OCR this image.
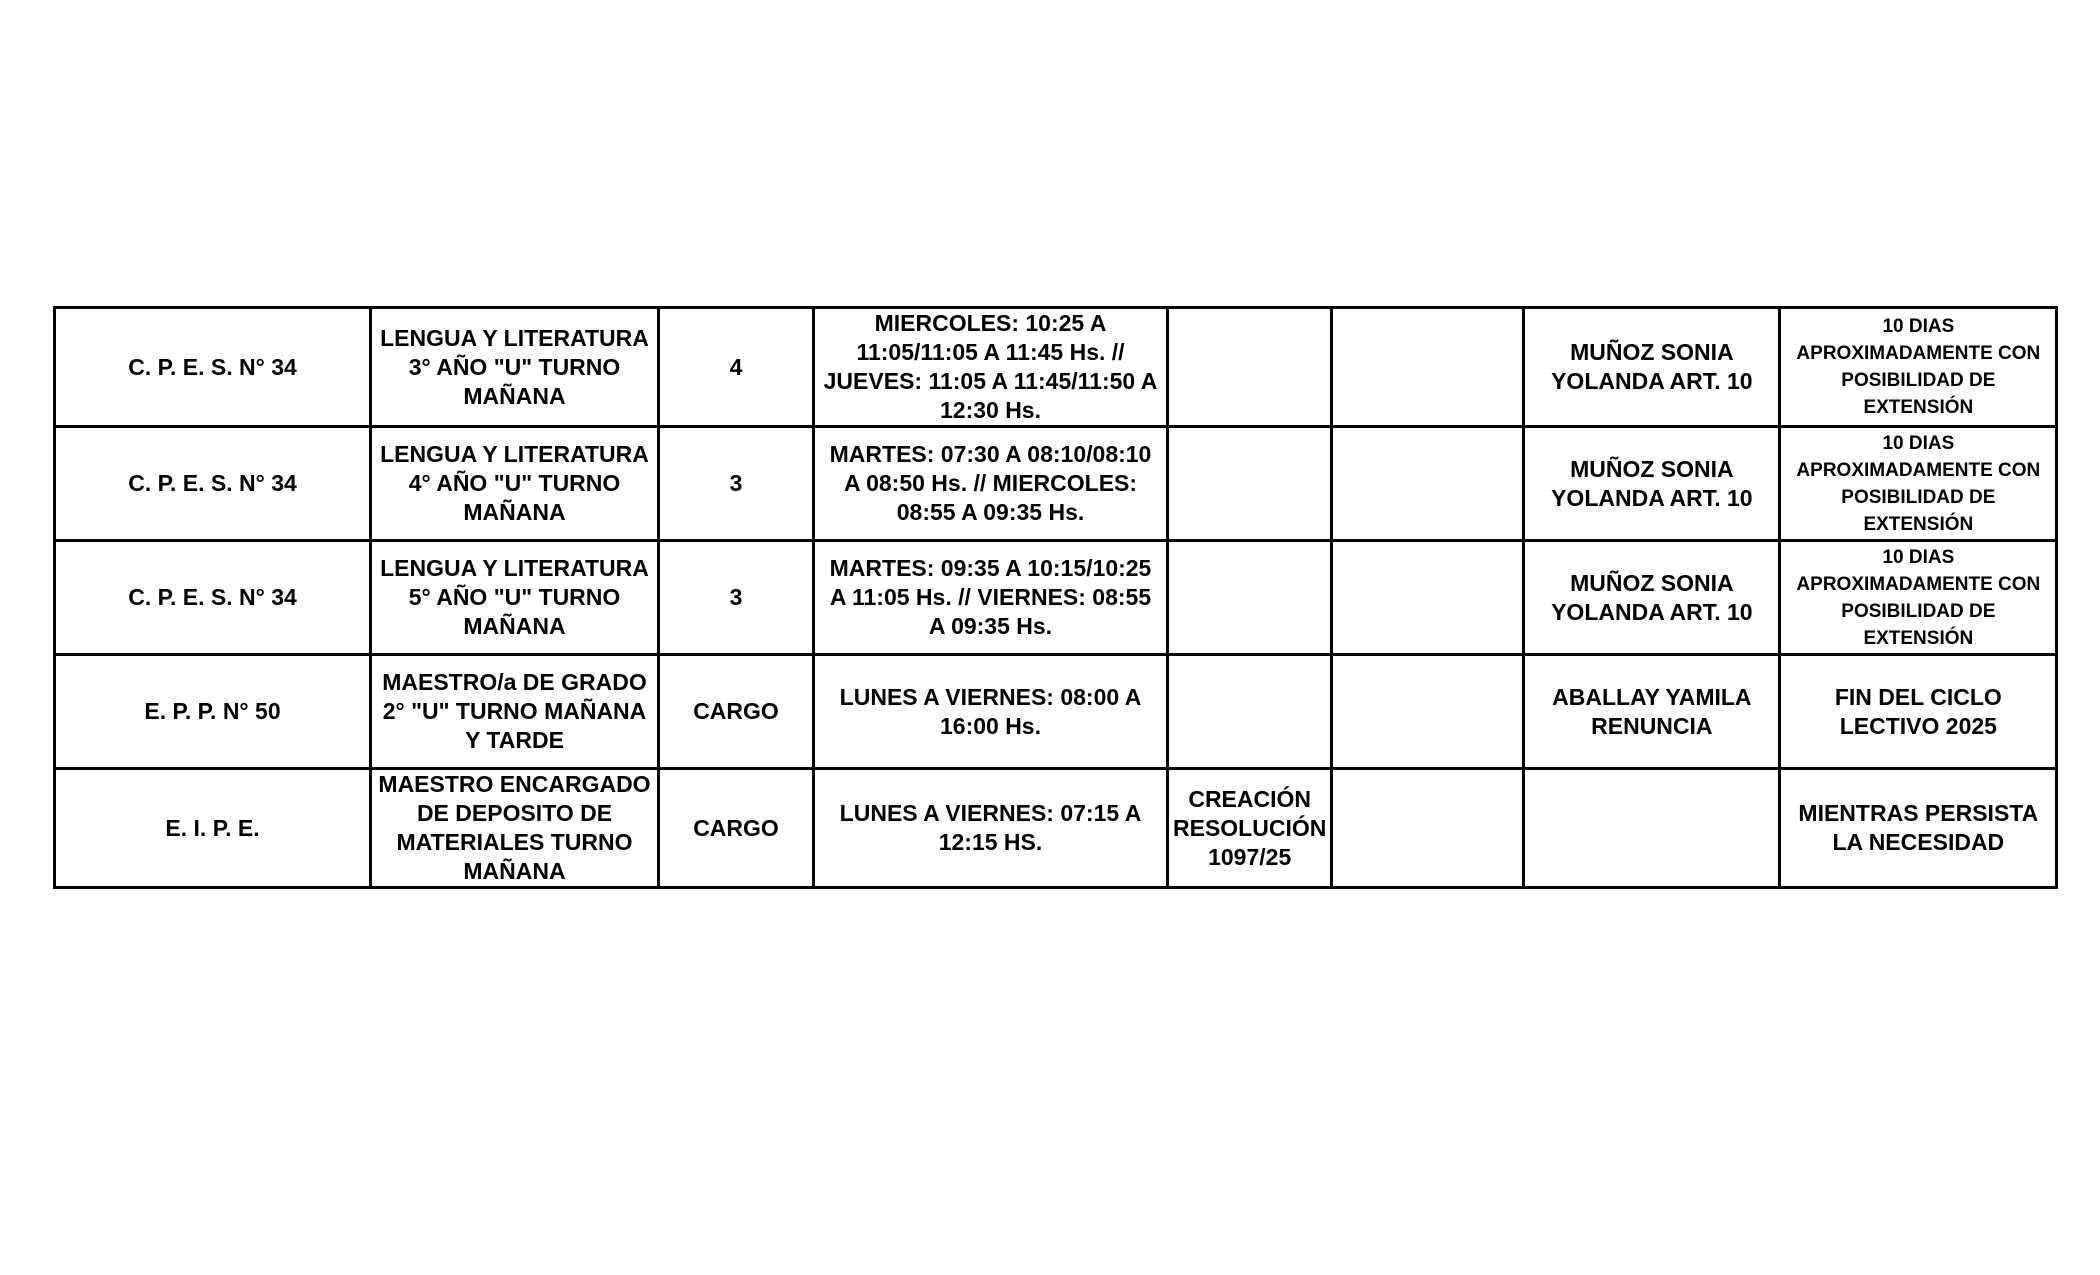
C. P. E. S. N° 34	LENGUA Y LITERATURA 3° AÑO "U" TURNO MAÑANA	4	MIERCOLES: 10:25 A 11:05/11:05 A 11:45 Hs. // JUEVES: 11:05 A 11:45/11:50 A 12:30 Hs.			MUÑOZ SONIA YOLANDA ART. 10	10 DIAS APROXIMADAMENTE CON POSIBILIDAD DE EXTENSIÓN
C. P. E. S. N° 34	LENGUA Y LITERATURA 4° AÑO "U" TURNO MAÑANA	3	MARTES: 07:30 A 08:10/08:10 A 08:50 Hs. // MIERCOLES: 08:55 A 09:35 Hs.			MUÑOZ SONIA YOLANDA ART. 10	10 DIAS APROXIMADAMENTE CON POSIBILIDAD DE EXTENSIÓN
C. P. E. S. N° 34	LENGUA Y LITERATURA 5° AÑO "U" TURNO MAÑANA	3	MARTES: 09:35 A 10:15/10:25 A 11:05 Hs. // VIERNES: 08:55 A 09:35 Hs.			MUÑOZ SONIA YOLANDA ART. 10	10 DIAS APROXIMADAMENTE CON POSIBILIDAD DE EXTENSIÓN
E. P. P. N° 50	MAESTRO/a DE GRADO 2° "U" TURNO MAÑANA Y TARDE	CARGO	LUNES A VIERNES: 08:00 A 16:00 Hs.			ABALLAY YAMILA RENUNCIA	FIN DEL CICLO LECTIVO 2025
E. I. P. E.	MAESTRO ENCARGADO DE DEPOSITO DE MATERIALES TURNO MAÑANA	CARGO	LUNES A VIERNES: 07:15 A 12:15 HS.	CREACIÓN RESOLUCIÓN 1097/25			MIENTRAS PERSISTA LA NECESIDAD
